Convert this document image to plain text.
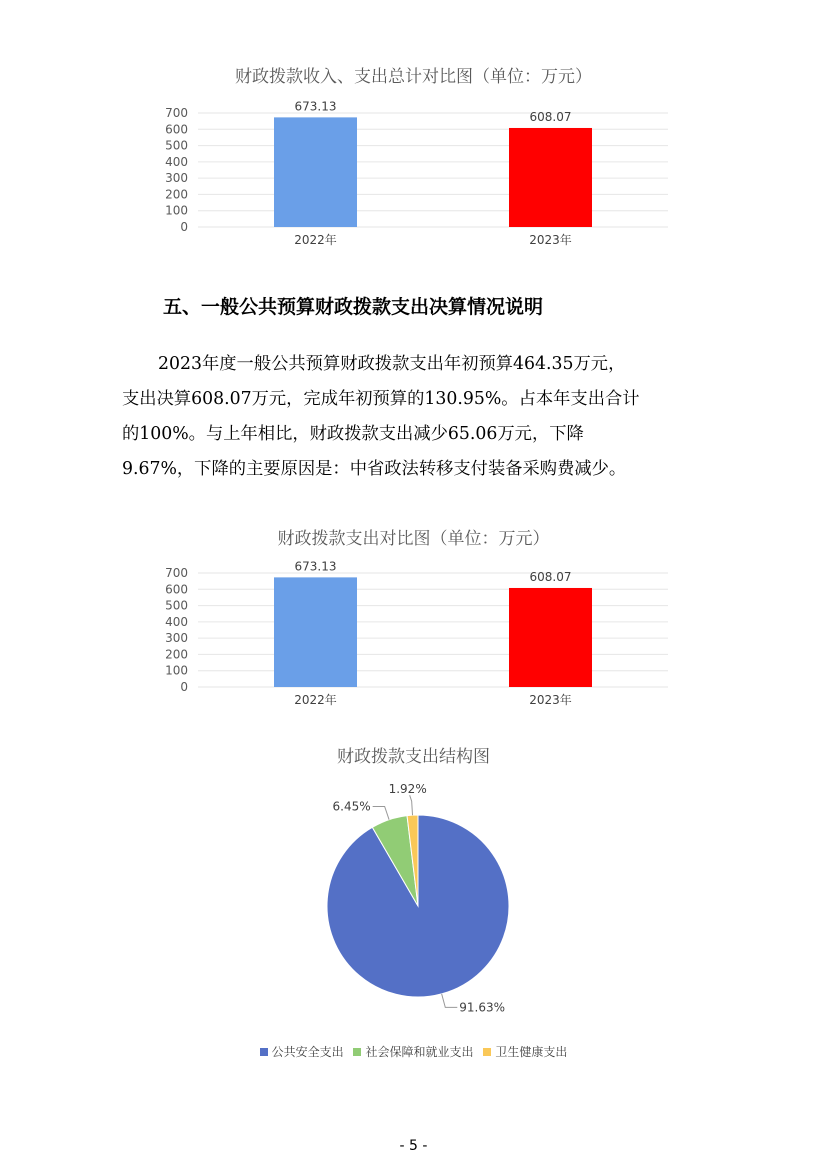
财政拨款收入、支出总计对比图（单位：万元）
700
600
500
400
300
200
100
0
673.13
2022年
608.07
2023年
五、一般公共预算财政拨款支出决算情况说明
2023年度一般公共预算财政拨款支出年初预算464.35万元，
支出决算608.07万元，完成年初预算的130.95%。占本年支出合计
的100%。与上年相比，财政拨款支出减少65.06万元，下降
9.67%，下降的主要原因是：中省政法转移支付装备采购费减少。
财政拨款支出对比图（单位：万元）
700
600
500
400
300
200
100
0
673.13
2022年
608.07
2023年
财政拨款支出结构图
91.63%
6.45%
1.92%
公共安全支出 社会保障和就业支出 卫生健康支出
- 5 -
